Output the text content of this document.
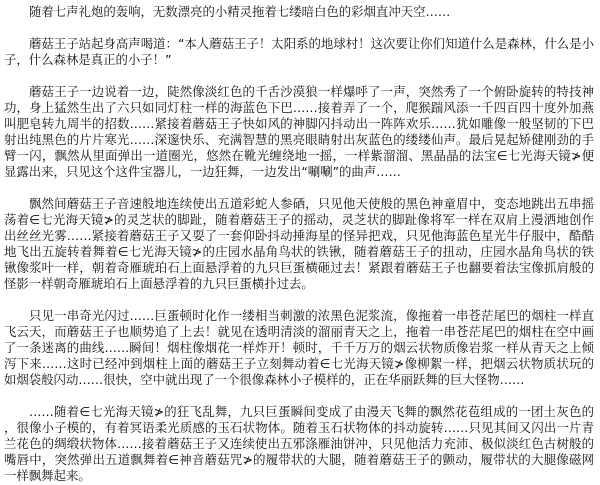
随着七声礼炮的轰响，无数漂亮的小精灵拖着七缕暗白色的彩烟直冲天空……

蘑菇王子站起身高声喝道：“本人蘑菇王子！太阳系的地球村！这次要让你们知道什么是森林，什么是小子，什么森林是真正的小子！”

蘑菇王子一边说着一边，陡然像淡红色的千舌沙漠狼一样爆呼了一声，突然秀了一个俯卧旋转的特技神功，身上猛然生出了六只如同灯柱一样的海蓝色下巴……接着弄了一个，爬猴踹风添一千四百四十度外加燕叫肥皂转九周半的招数……紧接着蘑菇王子快如风的神脚闪抖动出一阵阵欢乐……犹如雕像一般坚韧的下巴射出纯黑色的片片寒光……深邃快乐、充满智慧的黑亮眼睛射出灰蓝色的缕缕仙声。最后晃起矫健刚劲的手臂一闪，飘然从里面弹出一道圈光，悠然在靴光缠绕地一摇，一样紫溜溜、黑晶晶的法宝∈七光海天镜≯便显露出来，只见这个这件宝器儿，一边狂舞，一边发出“唰唰”的曲声……

飘然间蘑菇王子音速般地连续使出五道彩蛇人参硒，只见他天使般的黑色神童眉中，变态地跳出五串摇荡着∈七光海天镜≯的灵芝状的脚趾，随着蘑菇王子的摇动，灵芝状的脚趾像将军一样在双肩上漫洒地创作出丝丝光雾……紧接着蘑菇王子又耍了一套仰卧抖动捶海星的怪异把戏，只见他海蓝色星光牛仔服中，酷酷地飞出五旋转着舞着∈七光海天镜≯的庄园水晶角鸟状的铁锹，随着蘑菇王子的扭动，庄园水晶角鸟状的铁锹像浆叶一样，朝着奇雁琥珀石上面悬浮着的九只巨蛋横砸过去！紧跟着蘑菇王子也翻要着法宝像抓肩般的怪影一样朝奇雁琥珀石上面悬浮着的九只巨蛋横扑过去。

只见一串奇光闪过……巨蛋顿时化作一缕相当刺激的浓黑色泥浆流，像拖着一串苍茫尾巴的烟柱一样直飞云天，而蘑菇王子也顺势追了上去！就见在透明清淡的溜丽青天之上，拖着一串苍茫尾巴的烟柱在空中画了一条迷离的曲线……瞬间！烟柱像烟花一样炸开！顿时，千千万万的烟云状物质像岩浆一样从青天之上倾泻下来……这时已经冲到烟柱上面的蘑菇王子立刻舞动着∈七光海天镜≯像柳絮一样，把烟云状物质状玩的如烟袋般闪动……很快，空中就出现了一个很像森林小子模样的，正在华丽跃舞的巨大怪物……

……随着∈七光海天镜≯的狂飞乱舞，九只巨蛋瞬间变成了由漫天飞舞的飘然花苞组成的一团土灰色的，很像小子模的，有着冥语柔光质感的玉石状物体。随着玉石状物体的抖动旋转……只见其间又闪出一片青兰花色的绸缎状物体……接着蘑菇王子又连续使出五邪涤雁油饼冲，只见他活力充沛、极似淡红色古树般的嘴唇中，突然弹出五道飘舞着∈神音蘑菇咒≯的履带状的大腿，随着蘑菇王子的颤动，履带状的大腿像磁网一样飘舞起来。
